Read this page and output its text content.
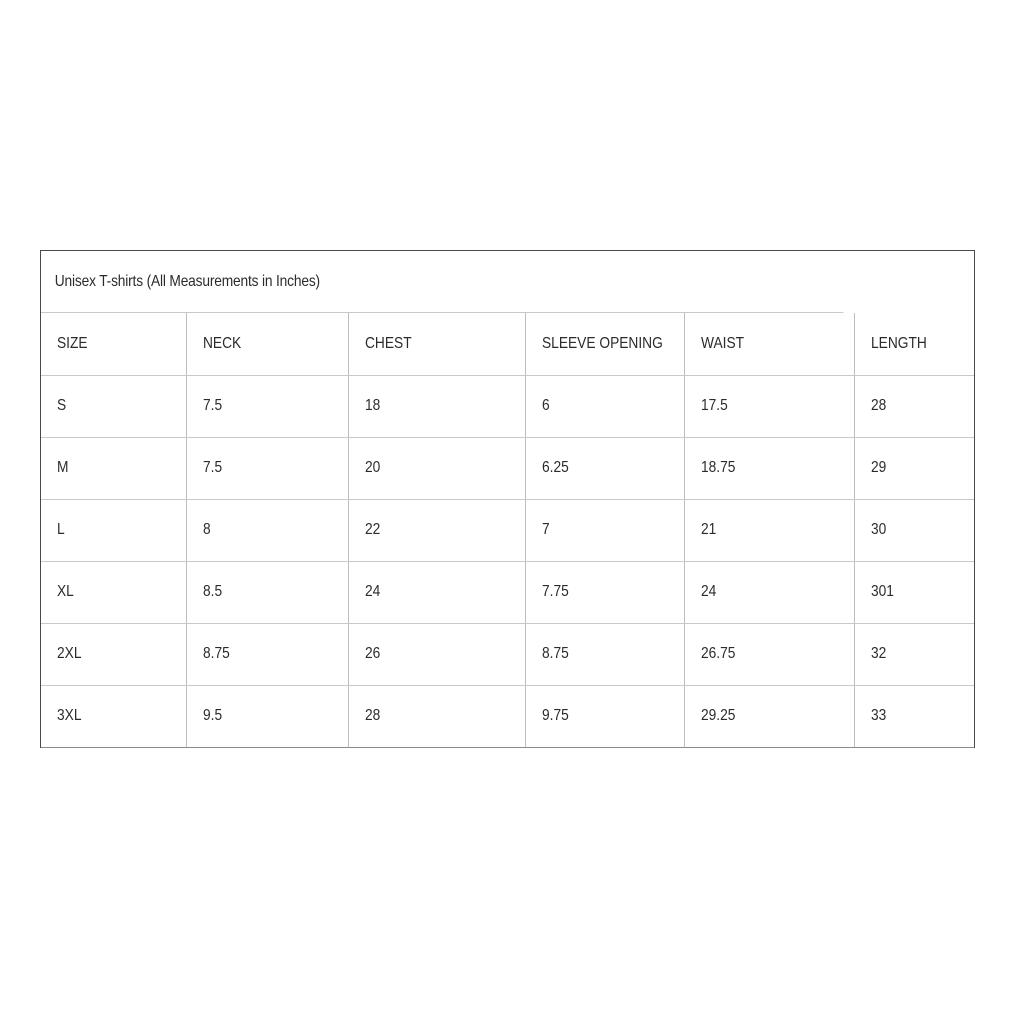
Unisex T-shirts (All Measurements in Inches)
SIZE	NECK	CHEST	SLEEVE OPENING	WAIST	LENGTH
S	7.5	18	6	17.5	28
M	7.5	20	6.25	18.75	29
L	8	22	7	21	30
XL	8.5	24	7.75	24	301
2XL	8.75	26	8.75	26.75	32
3XL	9.5	28	9.75	29.25	33
